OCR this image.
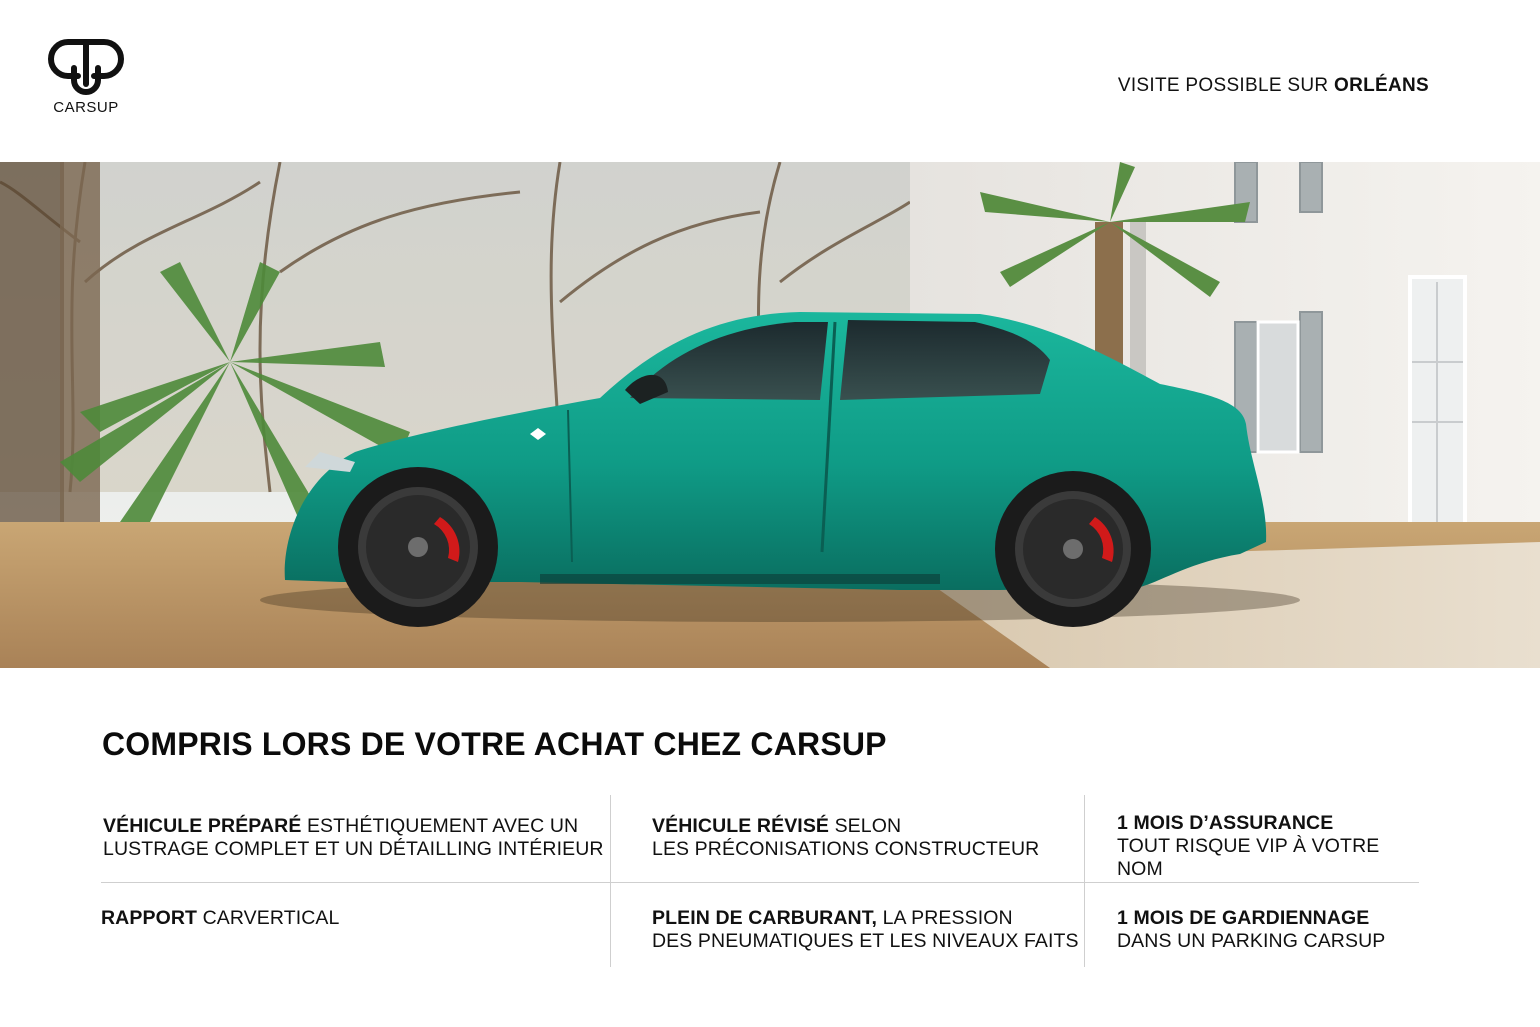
CARSUP
VISITE POSSIBLE SUR ORLÉANS
COMPRIS LORS DE VOTRE ACHAT CHEZ CARSUP
VÉHICULE PRÉPARÉ ESTHÉTIQUEMENT AVEC UN
LUSTRAGE COMPLET ET UN DÉTAILLING INTÉRIEUR
VÉHICULE RÉVISÉ SELON
LES PRÉCONISATIONS CONSTRUCTEUR
1 MOIS D’ASSURANCE
TOUT RISQUE VIP À VOTRE NOM
RAPPORT CARVERTICAL	PLEIN DE CARBURANT, LA PRESSION
DES PNEUMATIQUES ET LES NIVEAUX FAITS
1 MOIS DE GARDIENNAGE
DANS UN PARKING CARSUP
